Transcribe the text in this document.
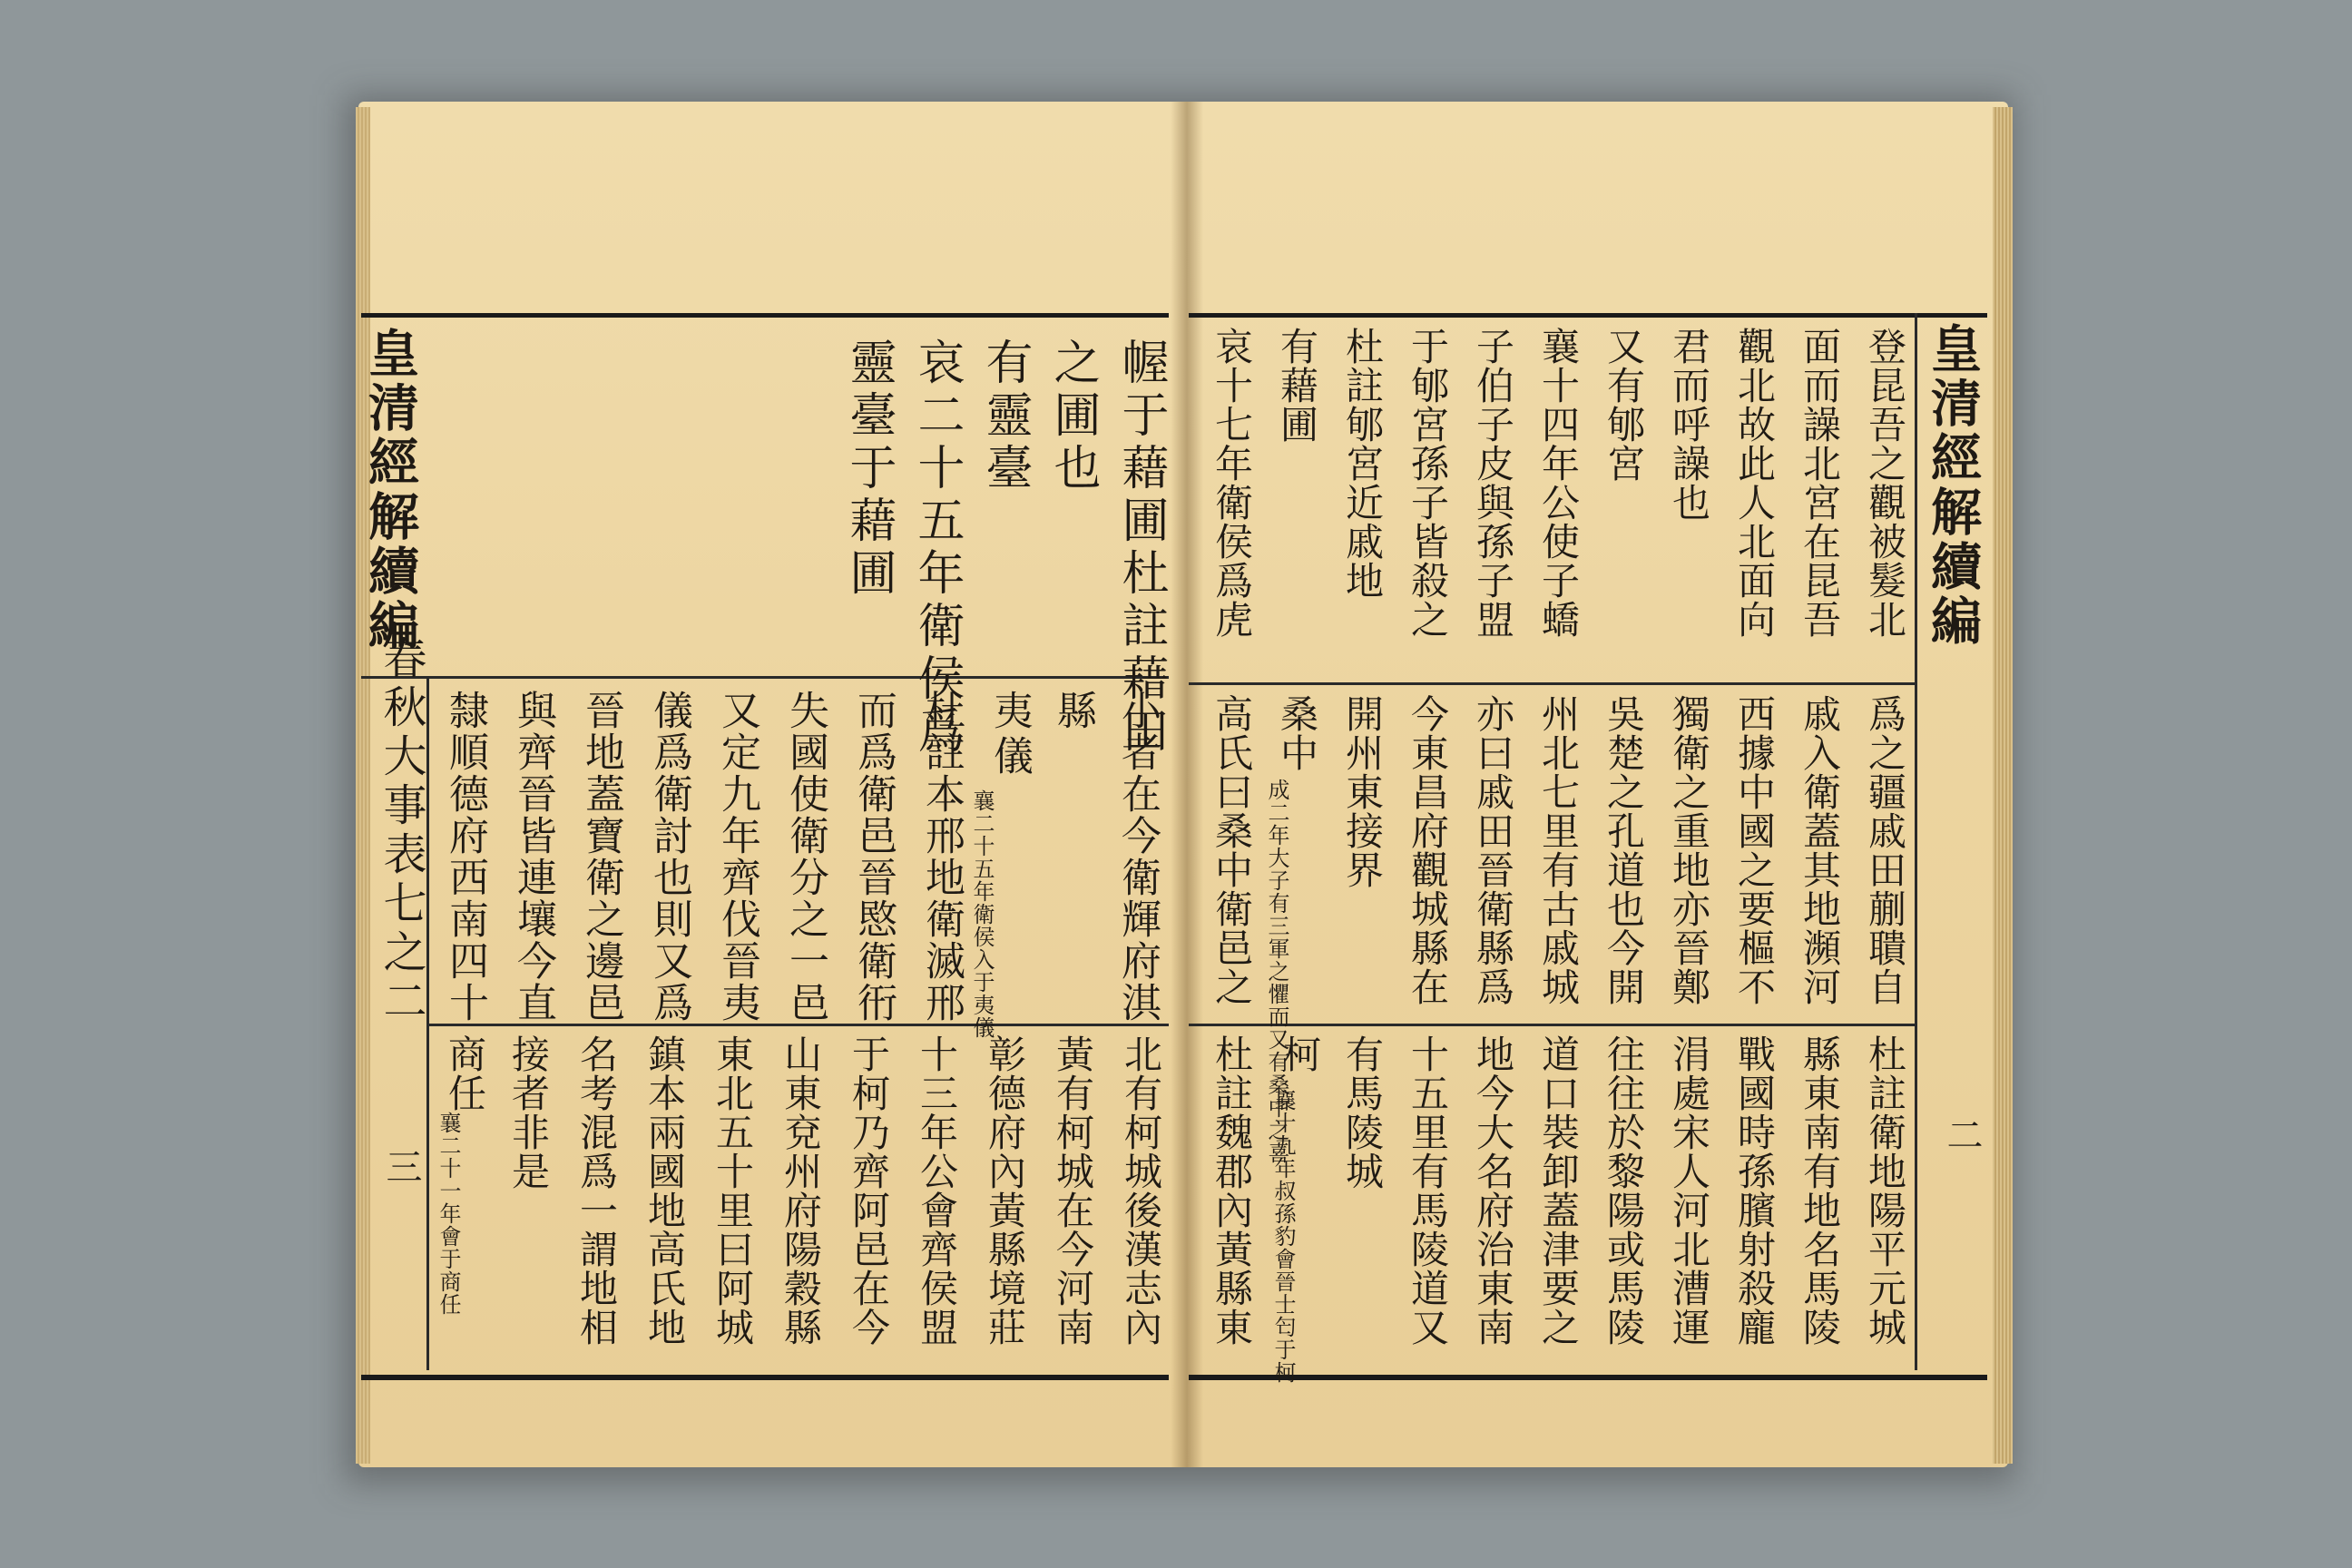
皇清經解續編
春秋大事表七之二
三
幄于藉圃杜註藉田
之圃也
有靈臺
哀二十五年衛侯爲
靈臺于藉圃
小者在今衛輝府淇
縣
夷儀
襄二十五年衛侯入于夷儀
杜註本邢地衛滅邢
而爲衛邑晉愍衛衎
失國使衛分之一邑
又定九年齊伐晉夷
儀爲衛討也則又爲
晉地蓋寶衛之邊邑
與齊晉皆連壤今直
隸順德府西南四十
北有柯城後漢志內
黃有柯城在今河南
彰德府內黃縣境莊
十三年公會齊侯盟
于柯乃齊阿邑在今
山東兗州府陽穀縣
東北五十里曰阿城
鎮本兩國地高氏地
名考混爲一謂地相
接者非是
商任
襄二十一年會于商任
皇清經解續編
二
登昆吾之觀被髮北
面而譟北宮在昆吾
觀北故此人北面向
君而呼譟也
又有郇宮
襄十四年公使子蟜
子伯子皮與孫子盟
于郇宮孫子皆殺之
杜註郇宮近戚地
有藉圃
哀十七年衛侯爲虎
爲之疆戚田蒯聵自
戚入衛蓋其地瀕河
西據中國之要樞不
獨衛之重地亦晉鄭
吳楚之孔道也今開
州北七里有古戚城
亦曰戚田晉衛縣爲
今東昌府觀城縣在
開州東接界
桑中
成二年大子有三軍之懼而又有桑中之喜
高氏曰桑中衛邑之
杜註衛地陽平元城
縣東南有地名馬陵
戰國時孫臏射殺龐
涓處宋人河北漕運
往往於黎陽或馬陵
道口裝卸蓋津要之
地今大名府治東南
十五里有馬陵道又
有馬陵城
柯
襄十九年叔孫豹會晉士匄于柯
杜註魏郡內黃縣東
